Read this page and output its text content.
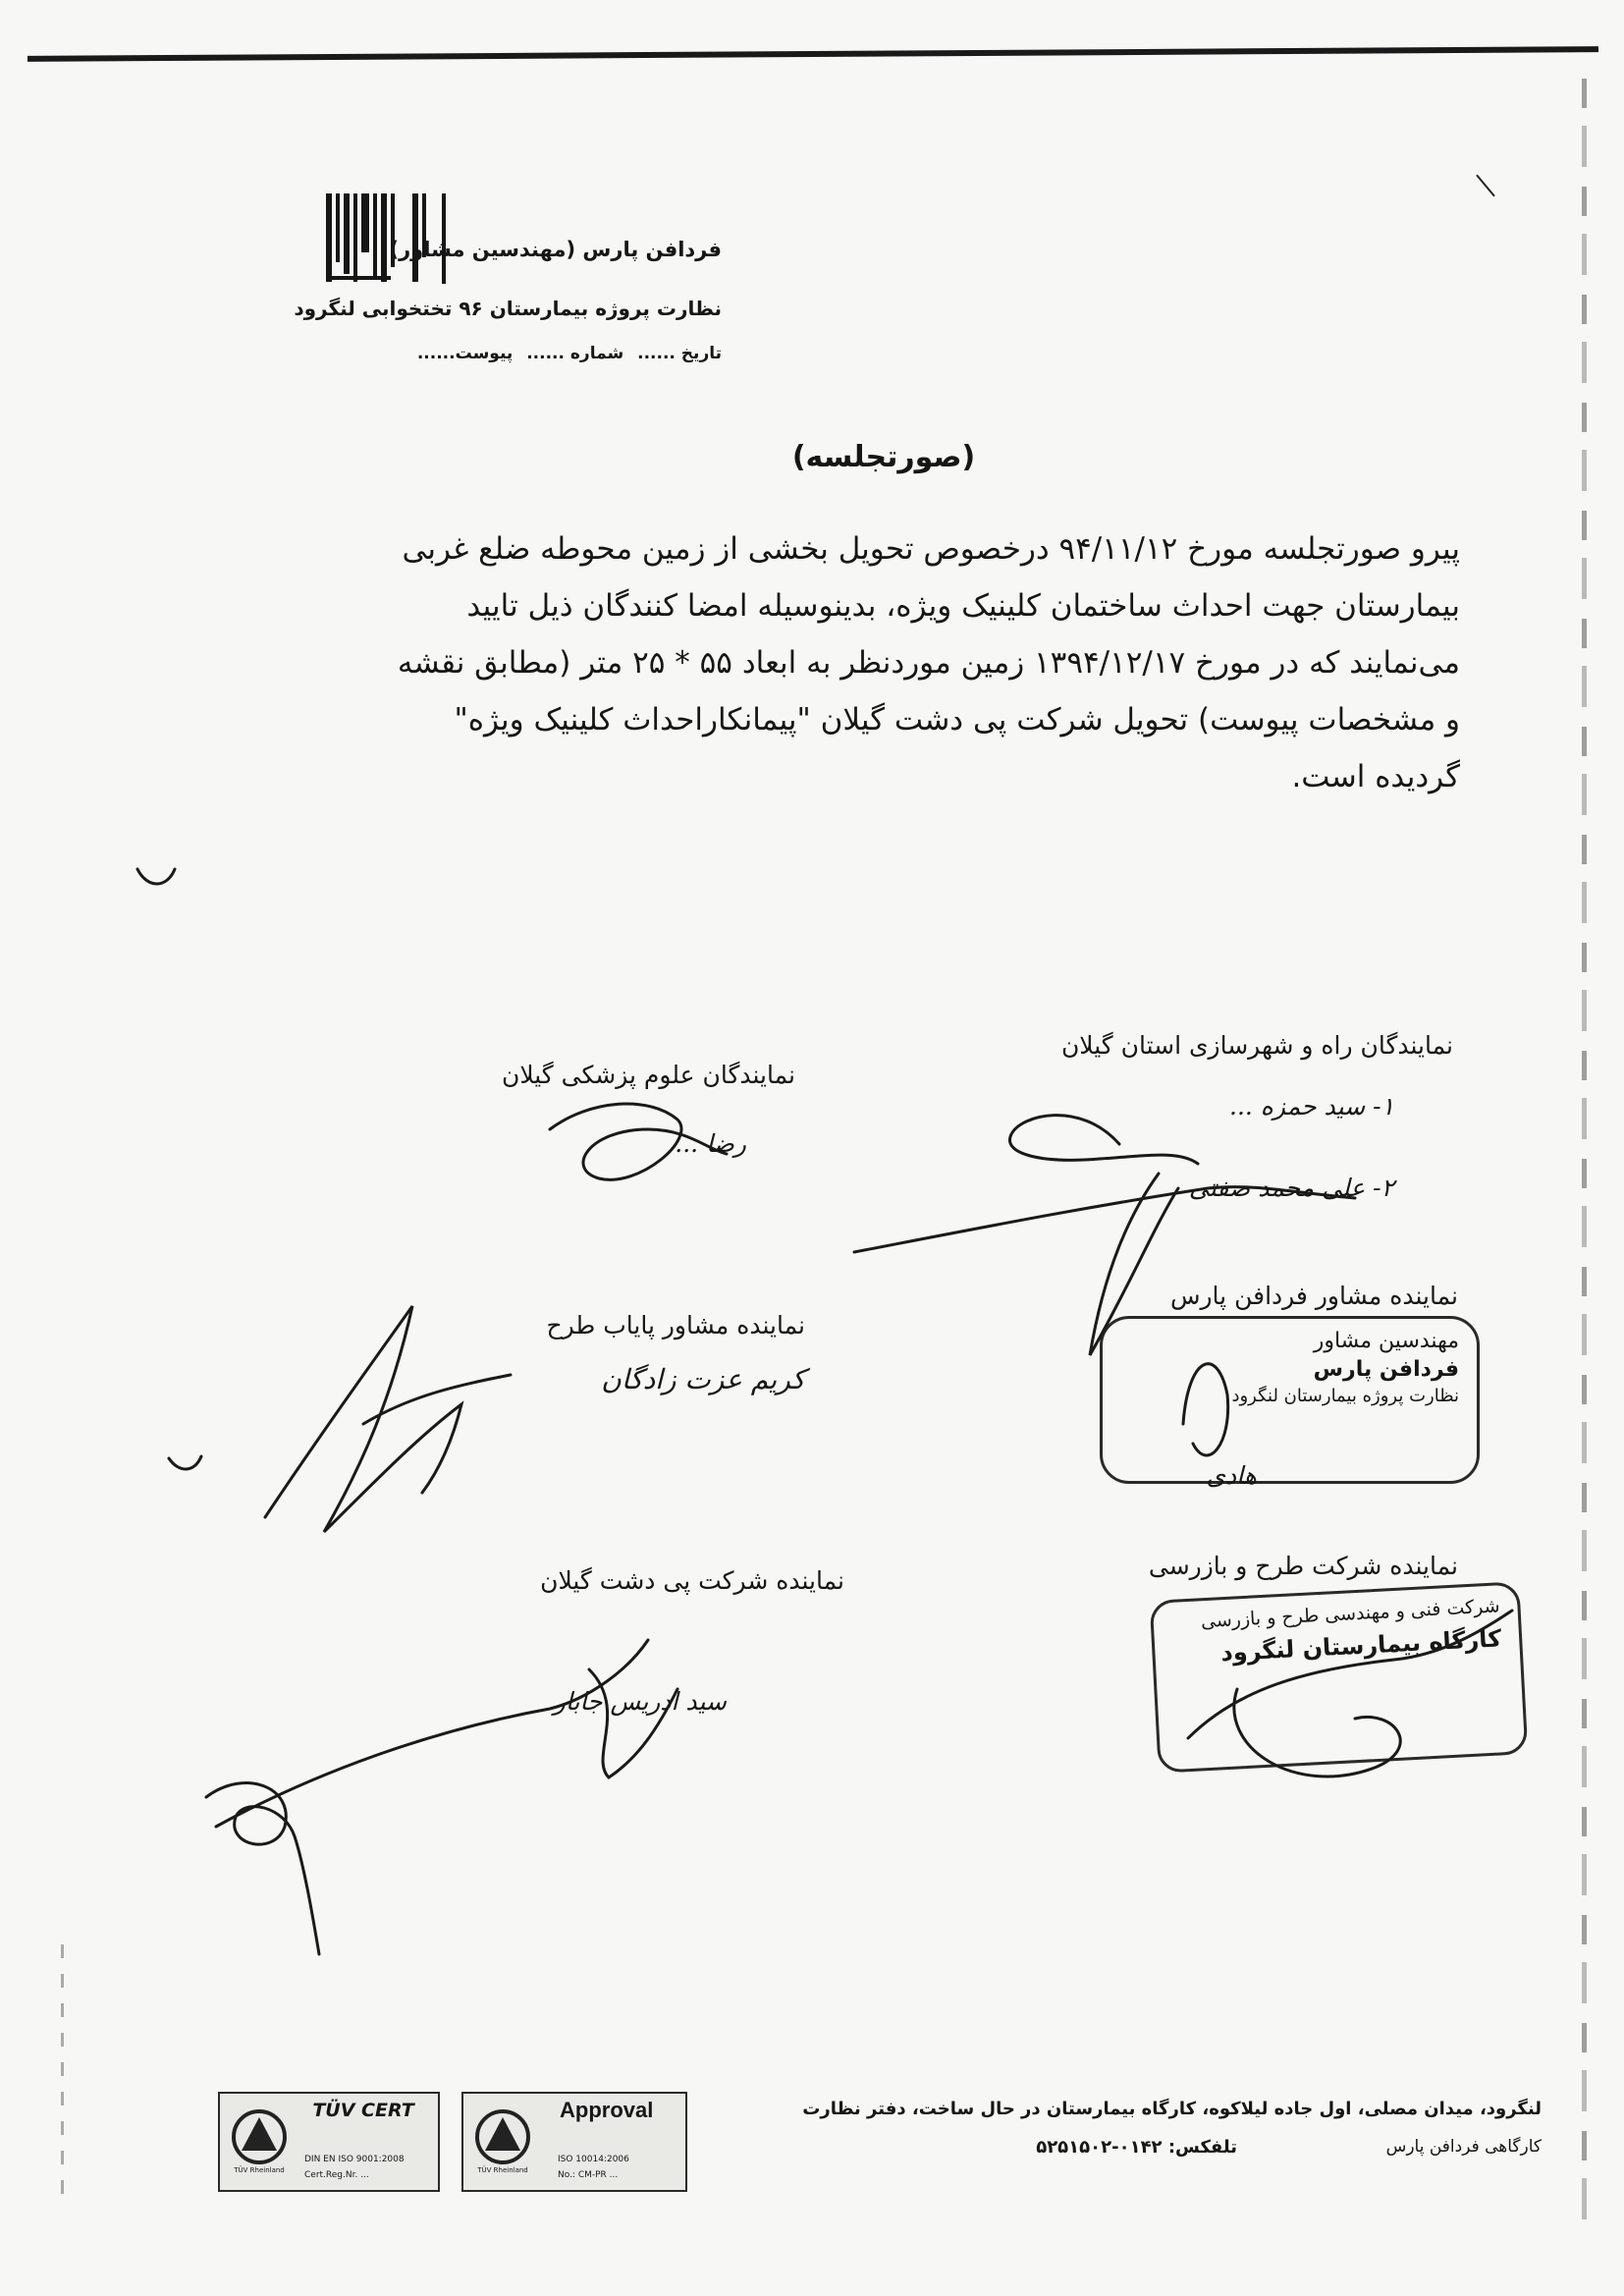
فردافن پارس (مهندسین مشاور)
نظارت پروژه بیمارستان ۹۶ تختخوابی لنگرود
تاریخ ...... شماره ...... پیوست......
(صورتجلسه)

پیرو صورتجلسه مورخ ۹۴/۱۱/۱۲ درخصوص تحویل بخشی از زمین محوطه ضلع غربی

بیمارستان جهت احداث ساختمان کلینیک ویژه، بدینوسیله امضا کنندگان ذیل تایید

می‌نمایند که در مورخ ۱۳۹۴/۱۲/۱۷ زمین موردنظر به ابعاد ۵۵ * ۲۵ متر (مطابق نقشه

و مشخصات پیوست) تحویل شرکت پی دشت گیلان "پیمانکاراحداث کلینیک ویژه"

گردیده است.

نمایندگان راه و شهرسازی استان گیلان
۱- سید حمزه ...
۲- علی محمد صفتی
نمایندگان علوم پزشکی گیلان
رضا ...
نماینده مشاور فردافن پارس
مهندسین مشاور
فردافن پارس
نظارت پروژه بیمارستان لنگرود
هادی
نماینده مشاور پایاب طرح
کریم عزت زادگان
نماینده شرکت طرح و بازرسی
شرکت فنی و مهندسی طرح و بازرسی
کارگاه بیمارستان لنگرود
نماینده شرکت پی دشت گیلان
سید ادریس جابار
لنگرود، میدان مصلی، اول جاده لیلاکوه، کارگاه بیمارستان در حال ساخت، دفتر نظارت
تلفکس: ۰۱۴۲-۵۲۵۱۵۰۲	کارگاهی فردافن پارس
TÜV Rheinland
TÜV CERT
DIN EN ISO 9001:2008
Cert.Reg.Nr. ...	TÜV Rheinland
Approval
ISO 10014:2006
No.: CM-PR ...
